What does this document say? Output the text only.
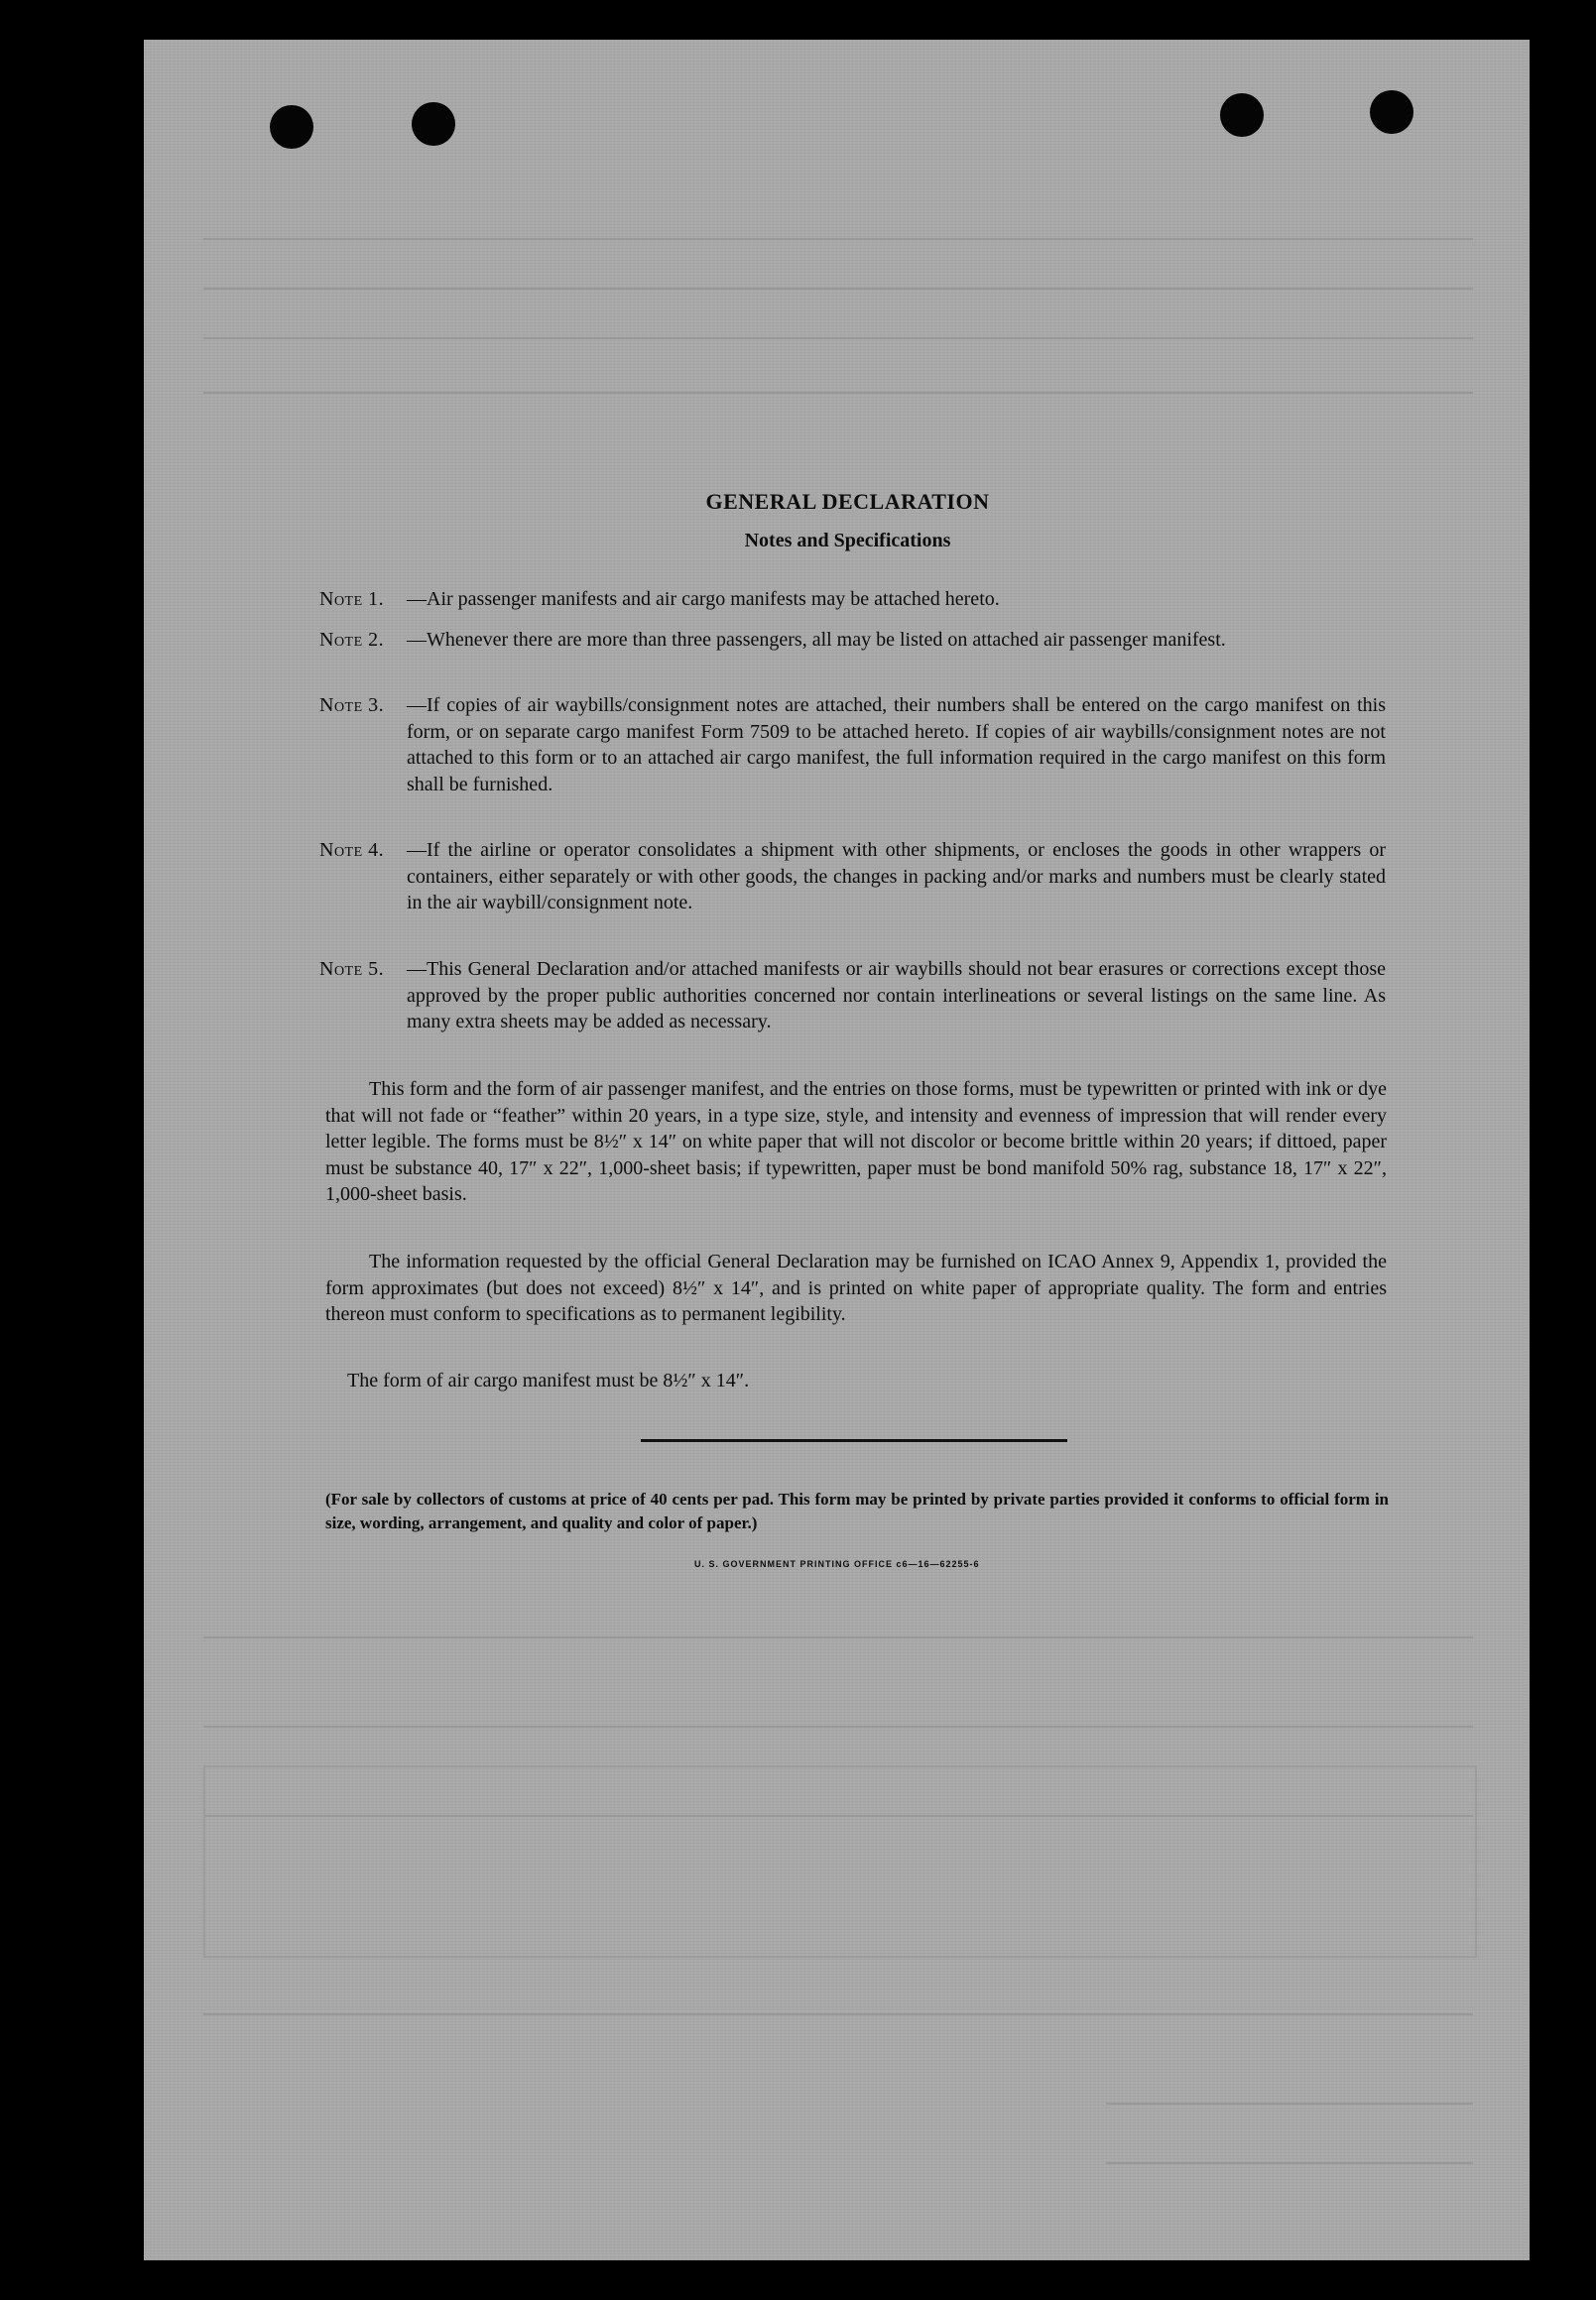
GENERAL DECLARATION
Notes and Specifications
Note 1. —Air passenger manifests and air cargo manifests may be attached hereto.
Note 2. —Whenever there are more than three passengers, all may be listed on attached air passenger manifest.
Note 3. —If copies of air waybills/consignment notes are attached, their numbers shall be entered on the cargo manifest on this form, or on separate cargo manifest Form 7509 to be attached hereto. If copies of air waybills/consignment notes are not attached to this form or to an attached air cargo manifest, the full information required in the cargo manifest on this form shall be furnished.
Note 4. —If the airline or operator consolidates a shipment with other shipments, or encloses the goods in other wrappers or containers, either separately or with other goods, the changes in packing and/or marks and numbers must be clearly stated in the air waybill/consignment note.
Note 5. —This General Declaration and/or attached manifests or air waybills should not bear erasures or corrections except those approved by the proper public authorities concerned nor contain interlineations or several listings on the same line. As many extra sheets may be added as necessary.

This form and the form of air passenger manifest, and the entries on those forms, must be typewritten or printed with ink or dye that will not fade or “feather” within 20 years, in a type size, style, and intensity and evenness of impression that will render every letter legible. The forms must be 8½″ x 14″ on white paper that will not discolor or become brittle within 20 years; if dittoed, paper must be substance 40, 17″ x 22″, 1,000-sheet basis; if typewritten, paper must be bond manifold 50% rag, substance 18, 17″ x 22″, 1,000-sheet basis.

The information requested by the official General Declaration may be furnished on ICAO Annex 9, Appendix 1, provided the form approximates (but does not exceed) 8½″ x 14″, and is printed on white paper of appropriate quality. The form and entries thereon must conform to specifications as to permanent legibility.

The form of air cargo manifest must be 8½″ x 14″.

(For sale by collectors of customs at price of 40 cents per pad. This form may be printed by private parties provided it conforms to official form in size, wording, arrangement, and quality and color of paper.)
U. S. GOVERNMENT PRINTING OFFICE c6—16—62255-6
